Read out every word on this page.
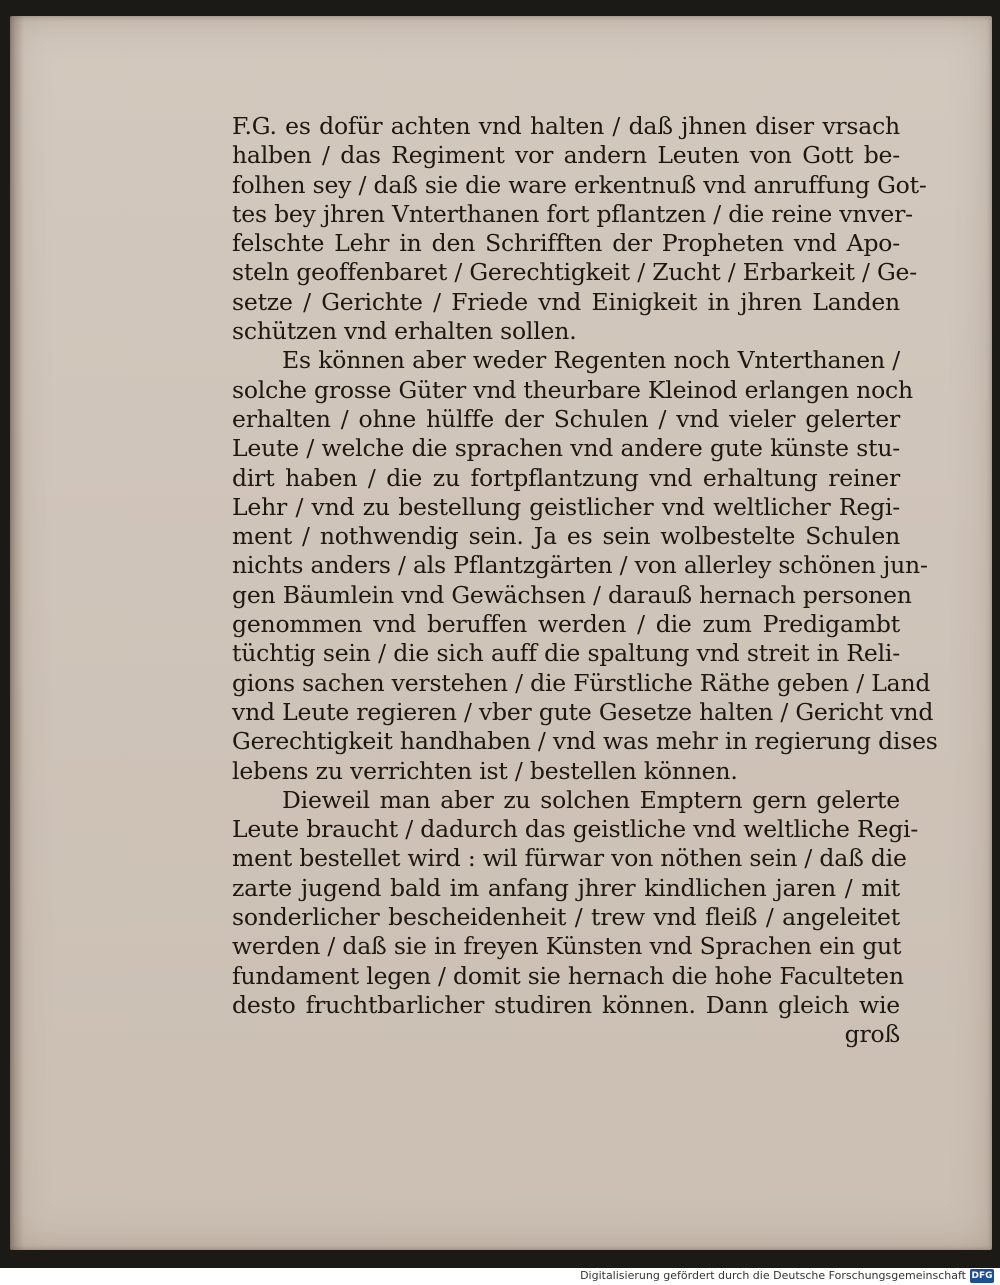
F.G. es dofür achten vnd halten / daß jhnen diser vrsach
halben / das Regiment vor andern Leuten von Gott be-
folhen sey / daß sie die ware erkentnuß vnd anruffung Got-
tes bey jhren Vnterthanen fort pflantzen / die reine vnver-
felschte Lehr in den Schrifften der Propheten vnd Apo-
steln geoffenbaret / Gerechtigkeit / Zucht / Erbarkeit / Ge-
setze / Gerichte / Friede vnd Einigkeit in jhren Landen
schützen vnd erhalten sollen.
Es können aber weder Regenten noch Vnterthanen /
solche grosse Güter vnd theurbare Kleinod erlangen noch
erhalten / ohne hülffe der Schulen / vnd vieler gelerter
Leute / welche die sprachen vnd andere gute künste stu-
dirt haben / die zu fortpflantzung vnd erhaltung reiner
Lehr / vnd zu bestellung geistlicher vnd weltlicher Regi-
ment / nothwendig sein. Ja es sein wolbestelte Schulen
nichts anders / als Pflantzgärten / von allerley schönen jun-
gen Bäumlein vnd Gewächsen / darauß hernach personen
genommen vnd beruffen werden / die zum Predigambt
tüchtig sein / die sich auff die spaltung vnd streit in Reli-
gions sachen verstehen / die Fürstliche Räthe geben / Land
vnd Leute regieren / vber gute Gesetze halten / Gericht vnd
Gerechtigkeit handhaben / vnd was mehr in regierung dises
lebens zu verrichten ist / bestellen können.
Dieweil man aber zu solchen Emptern gern gelerte
Leute braucht / dadurch das geistliche vnd weltliche Regi-
ment bestellet wird : wil fürwar von nöthen sein / daß die
zarte jugend bald im anfang jhrer kindlichen jaren / mit
sonderlicher bescheidenheit / trew vnd fleiß / angeleitet
werden / daß sie in freyen Künsten vnd Sprachen ein gut
fundament legen / domit sie hernach die hohe Faculteten
desto fruchtbarlicher studiren können. Dann gleich wie
groß
Digitalisierung gefördert durch die Deutsche Forschungsgemeinschaft DFG
